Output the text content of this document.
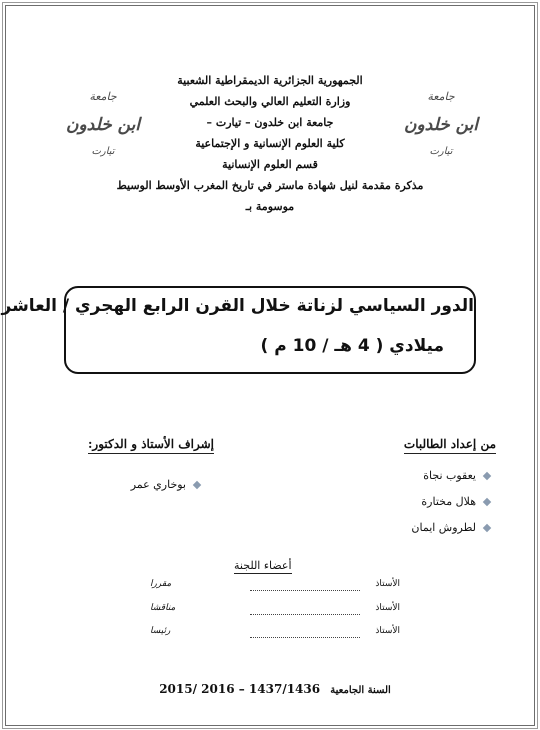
جامعة
ابن خلدون
تيارت
جامعة
ابن خلدون
تيارت
الجمهورية الجزائرية الديمقراطية الشعبية
وزارة التعليم العالي والبحث العلمي
جامعة ابن خلدون – تيارت –
كلية العلوم الإنسانية و الإجتماعية
قسم العلوم الإنسانية
مذكرة مقدمة لنيل شهادة ماستر في تاريخ المغرب الأوسط الوسيط
موسومة بـ
الدور السياسي لزناتة خلال القرن الرابع الهجري / العاشر
ميلادي ( 4 هـ / 10 م )
من إعداد الطالبات
إشراف الأستاذ و الدكتور:
يعقوب نجاة
هلال مختارة
لطروش ايمان
بوخاري عمر
أعضاء اللجنة
الأستاذ
مقررا
الأستاذ
مناقشا
الأستاذ
رئيسا
السنة الجامعية 2015/ 2016 – 1437/1436
